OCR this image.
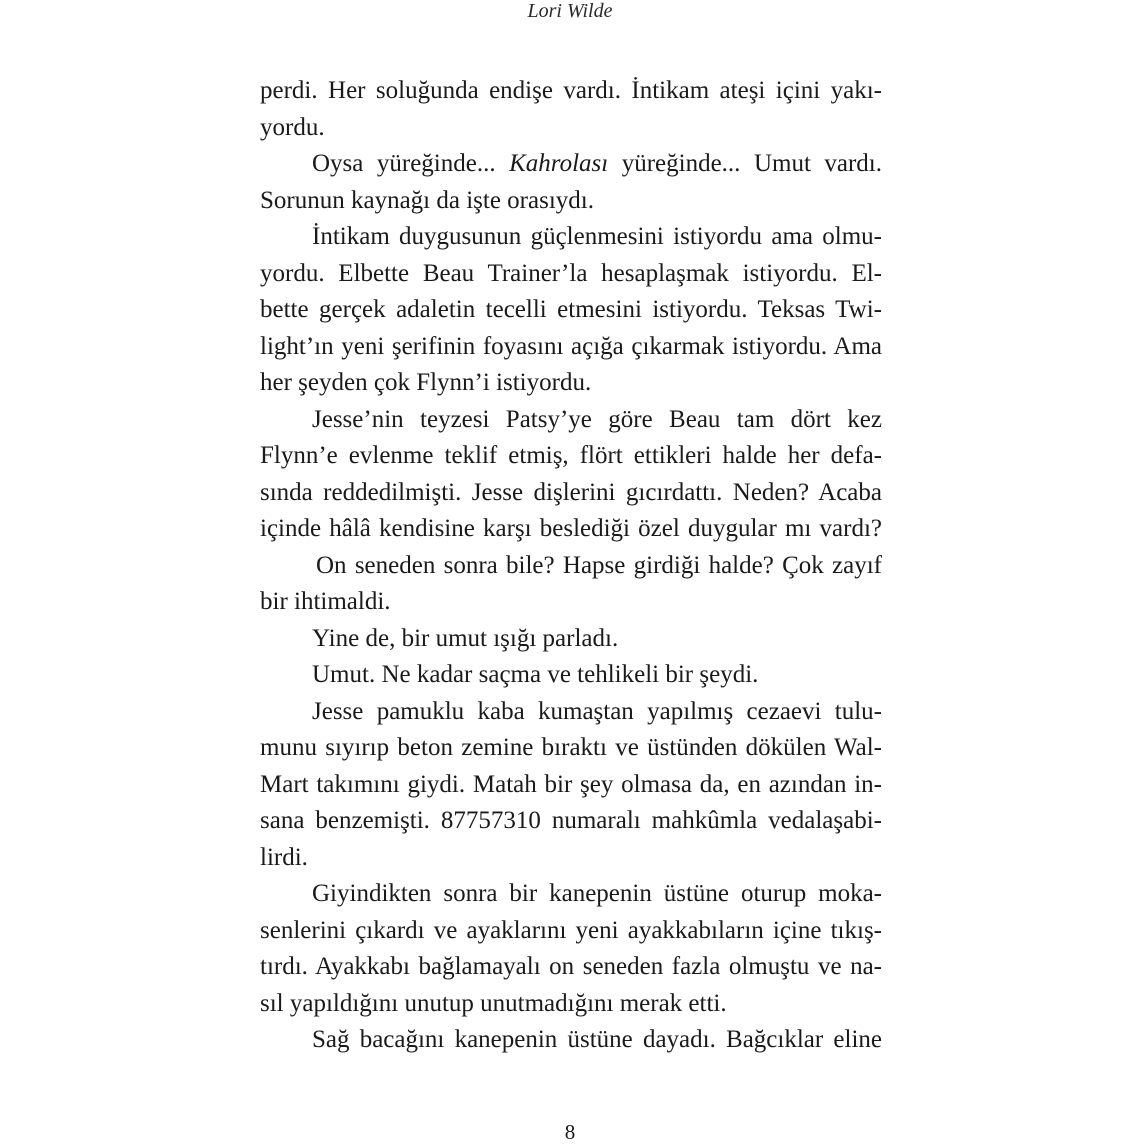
Lori Wilde
perdi. Her soluğunda endişe vardı. İntikam ateşi içini yakı-
yordu.
Oysa yüreğinde... Kahrolası yüreğinde... Umut vardı.
Sorunun kaynağı da işte orasıydı.
İntikam duygusunun güçlenmesini istiyordu ama olmu-
yordu. Elbette Beau Trainer’la hesaplaşmak istiyordu. El-
bette gerçek adaletin tecelli etmesini istiyordu. Teksas Twi-
light’ın yeni şerifinin foyasını açığa çıkarmak istiyordu. Ama
her şeyden çok Flynn’i istiyordu.
Jesse’nin teyzesi Patsy’ye göre Beau tam dört kez
Flynn’e evlenme teklif etmiş, flört ettikleri halde her defa-
sında reddedilmişti. Jesse dişlerini gıcırdattı. Neden? Acaba
içinde hâlâ kendisine karşı beslediği özel duygular mı vardı?
On seneden sonra bile? Hapse girdiği halde? Çok zayıf
bir ihtimaldi.
Yine de, bir umut ışığı parladı.
Umut. Ne kadar saçma ve tehlikeli bir şeydi.
Jesse pamuklu kaba kumaştan yapılmış cezaevi tulu-
munu sıyırıp beton zemine bıraktı ve üstünden dökülen Wal-
Mart takımını giydi. Matah bir şey olmasa da, en azından in-
sana benzemişti. 87757310 numaralı mahkûmla vedalaşabi-
lirdi.
Giyindikten sonra bir kanepenin üstüne oturup moka-
senlerini çıkardı ve ayaklarını yeni ayakkabıların içine tıkış-
tırdı. Ayakkabı bağlamayalı on seneden fazla olmuştu ve na-
sıl yapıldığını unutup unutmadığını merak etti.
Sağ bacağını kanepenin üstüne dayadı. Bağcıklar eline
8
